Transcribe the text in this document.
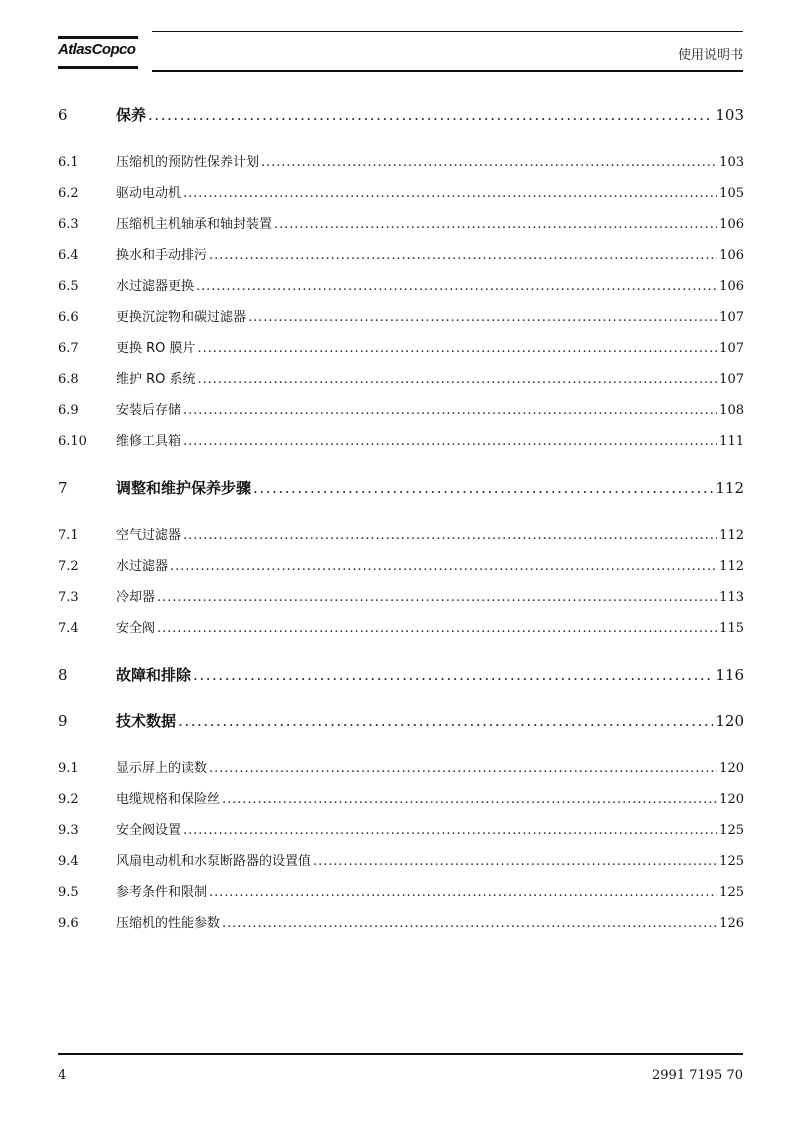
AtlasCopco	使用说明书
6	保养 . . .	103
6.1	压缩机的预防性保养计划 . . .	103
6.2	驱动电动机 . . .	105
6.3	压缩机主机轴承和轴封装置 . . .	106
6.4	换水和手动排污 . . .	106
6.5	水过滤器更换 . . .	106
6.6	更换沉淀物和碳过滤器 . . .	107
6.7	更换 RO 膜片 . . .	107
6.8	维护 RO 系统 . . .	107
6.9	安装后存储 . . .	108
6.10	维修工具箱 . . .	111
7	调整和维护保养步骤 . . .	112
7.1	空气过滤器 . . .	112
7.2	水过滤器 . . .	112
7.3	冷却器 . . .	113
7.4	安全阀 . . .	115
8	故障和排除 . . .	116
9	技术数据 . . .	120
9.1	显示屏上的读数 . . .	120
9.2	电缆规格和保险丝 . . .	120
9.3	安全阀设置 . . .	125
9.4	风扇电动机和水泵断路器的设置值 . . .	125
9.5	参考条件和限制 . . .	125
9.6	压缩机的性能参数 . . .	126
4	2991 7195 70
